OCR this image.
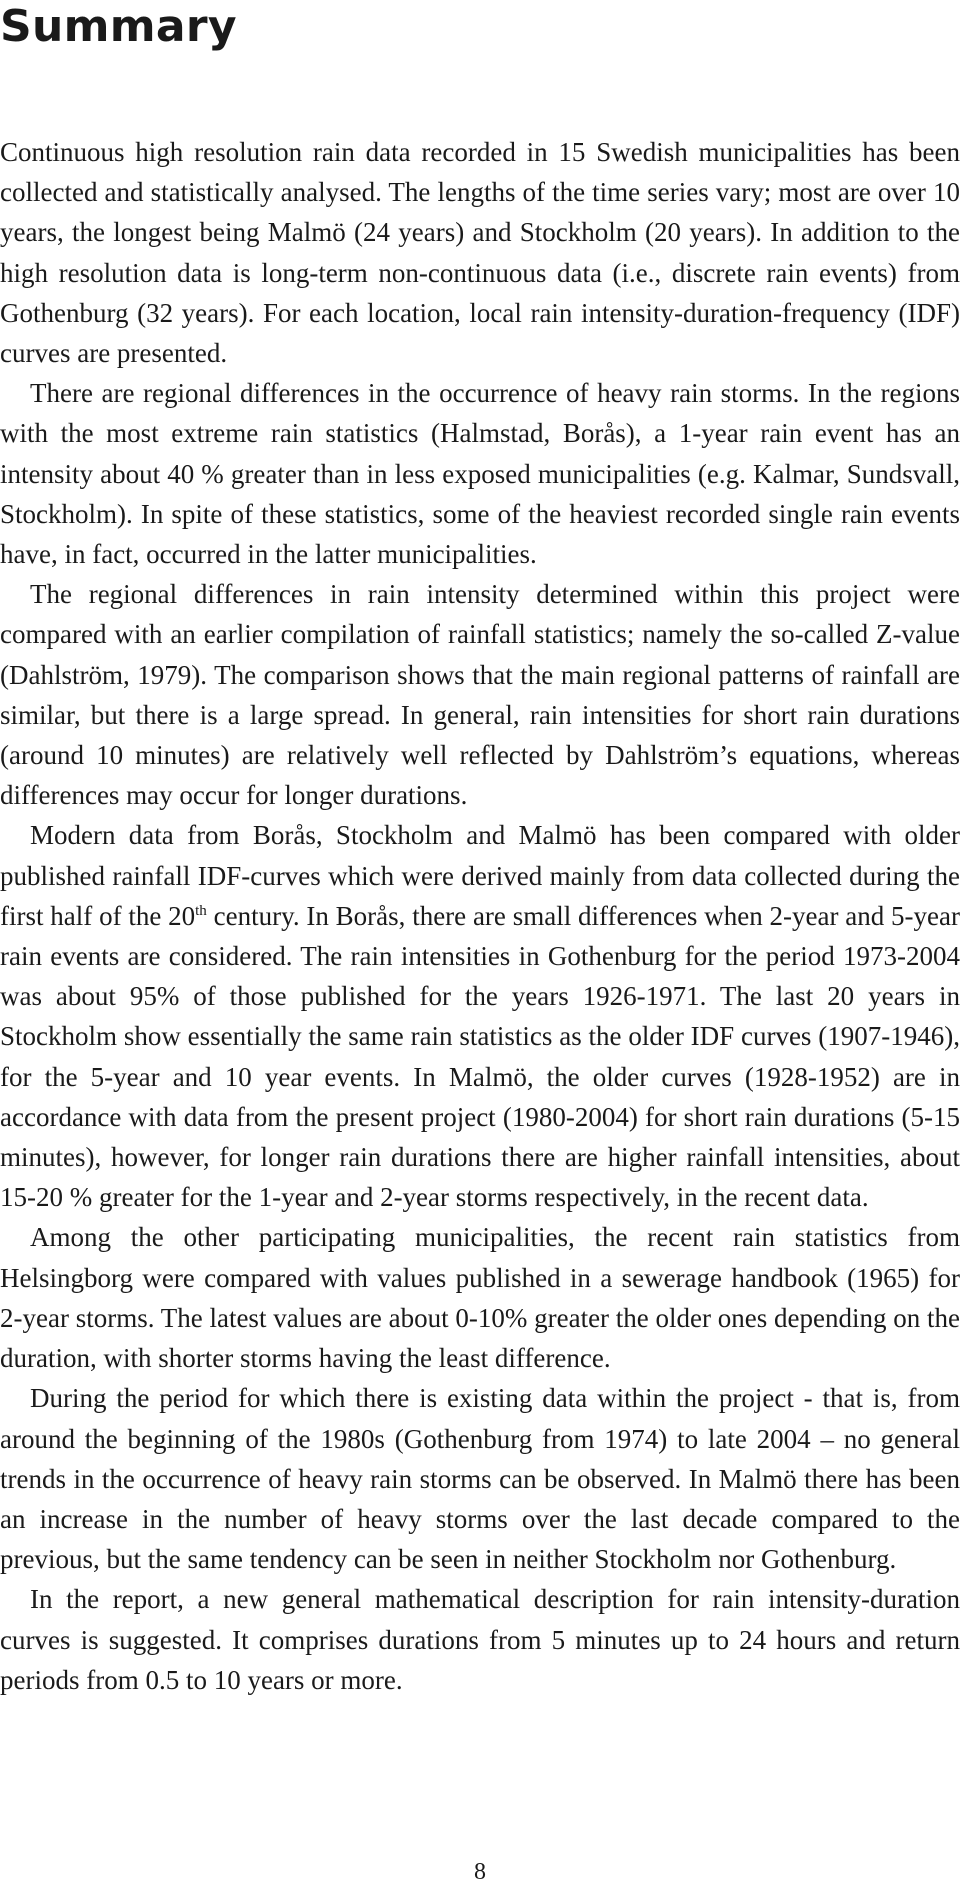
Summary

Continuous high resolution rain data recorded in 15 Swedish municipalities has been collected and statistically analysed. The lengths of the time series vary; most are over 10 years, the longest being Malmö (24 years) and Stockholm (20 years). In addition to the high resolution data is long-term non-continuous data (i.e., discrete rain events) from Gothenburg (32 years). For each location, local rain intensity-duration-frequency (IDF) curves are presented.

There are regional differences in the occurrence of heavy rain storms. In the regions with the most extreme rain statistics (Halmstad, Borås), a 1-year rain event has an intensity about 40 % greater than in less exposed municipalities (e.g. Kalmar, Sundsvall, Stockholm). In spite of these statistics, some of the heaviest recorded single rain events have, in fact, occurred in the latter municipalities.

The regional differences in rain intensity determined within this project were compared with an earlier compilation of rainfall statistics; namely the so-called Z-value (Dahlström, 1979). The comparison shows that the main regional patterns of rainfall are similar, but there is a large spread. In general, rain intensities for short rain durations (around 10 minutes) are relatively well reflected by Dahlström’s equations, whereas differences may occur for longer durations.

Modern data from Borås, Stockholm and Malmö has been compared with older published rainfall IDF-curves which were derived mainly from data collected during the first half of the 20th century. In Borås, there are small differences when 2-year and 5-year rain events are considered. The rain intensities in Gothenburg for the period 1973-2004 was about 95% of those published for the years 1926-1971. The last 20 years in Stockholm show essentially the same rain statistics as the older IDF curves (1907-1946), for the 5-year and 10 year events. In Malmö, the older curves (1928-1952) are in accordance with data from the present project (1980-2004) for short rain durations (5-15 minutes), however, for longer rain durations there are higher rainfall intensities, about 15-20 % greater for the 1-year and 2-year storms respectively, in the recent data.

Among the other participating municipalities, the recent rain statistics from Helsingborg were compared with values published in a sewerage handbook (1965) for 2-year storms. The latest values are about 0-10% greater the older ones depending on the duration, with shorter storms having the least difference.

During the period for which there is existing data within the project - that is, from around the beginning of the 1980s (Gothenburg from 1974) to late 2004 – no general trends in the occurrence of heavy rain storms can be observed. In Malmö there has been an increase in the number of heavy storms over the last decade compared to the previous, but the same tendency can be seen in neither Stockholm nor Gothenburg.

In the report, a new general mathematical description for rain intensity-duration curves is suggested. It comprises durations from 5 minutes up to 24 hours and return periods from 0.5 to 10 years or more.

8
